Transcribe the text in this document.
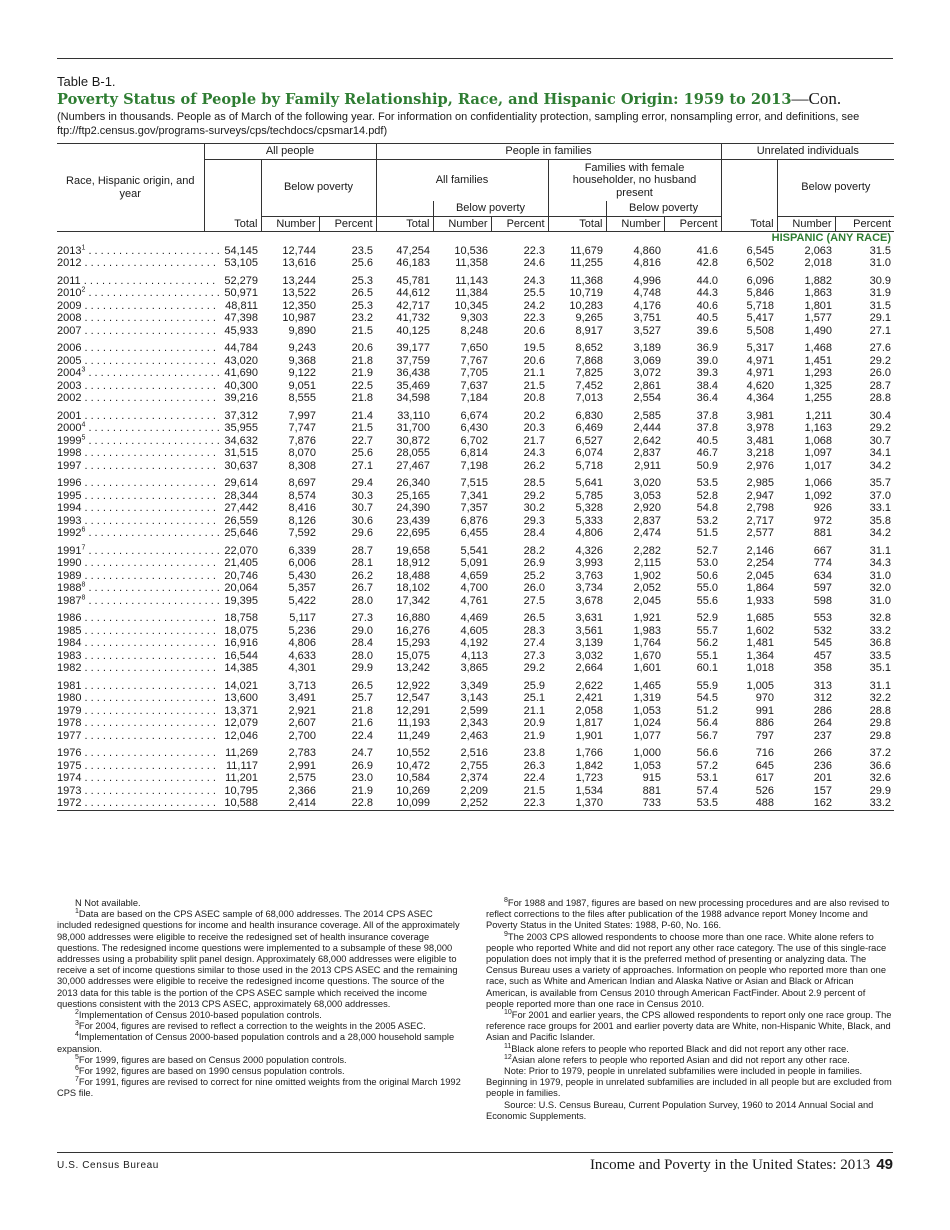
Table B-1.
Poverty Status of People by Family Relationship, Race, and Hispanic Origin: 1959 to 2013—Con.
(Numbers in thousands. People as of March of the following year. For information on confidentiality protection, sampling error, nonsampling error, and definitions, see ftp://ftp2.census.gov/programs-surveys/cps/techdocs/cpsmar14.pdf)
Race, Hispanic origin, and year	All people			People in families						Unrelated individuals		
		Below poverty		All families			Families with female householder, no husband present				Below poverty	
					Below poverty			Below poverty				
	Total	Number	Percent	Total	Number	Percent	Total	Number	Percent	Total	Number	Percent
HISPANIC (ANY RACE)												
2013$^1$ . . . . . . . . . . . . . . . . . . . . . .	54,145	12,744	23.5	47,254	10,536	22.3	11,679	4,860	41.6	6,545	2,063	31.5
2012 . . . . . . . . . . . . . . . . . . . . . .	53,105	13,616	25.6	46,183	11,358	24.6	11,255	4,816	42.8	6,502	2,018	31.0
2011 . . . . . . . . . . . . . . . . . . . . . .	52,279	13,244	25.3	45,781	11,143	24.3	11,368	4,996	44.0	6,096	1,882	30.9
2010$^2$ . . . . . . . . . . . . . . . . . . . . . .	50,971	13,522	26.5	44,612	11,384	25.5	10,719	4,748	44.3	5,846	1,863	31.9
2009 . . . . . . . . . . . . . . . . . . . . . .	48,811	12,350	25.3	42,717	10,345	24.2	10,283	4,176	40.6	5,718	1,801	31.5
2008 . . . . . . . . . . . . . . . . . . . . . .	47,398	10,987	23.2	41,732	9,303	22.3	9,265	3,751	40.5	5,417	1,577	29.1
2007 . . . . . . . . . . . . . . . . . . . . . .	45,933	9,890	21.5	40,125	8,248	20.6	8,917	3,527	39.6	5,508	1,490	27.1
2006 . . . . . . . . . . . . . . . . . . . . . .	44,784	9,243	20.6	39,177	7,650	19.5	8,652	3,189	36.9	5,317	1,468	27.6
2005 . . . . . . . . . . . . . . . . . . . . . .	43,020	9,368	21.8	37,759	7,767	20.6	7,868	3,069	39.0	4,971	1,451	29.2
2004$^3$ . . . . . . . . . . . . . . . . . . . . . .	41,690	9,122	21.9	36,438	7,705	21.1	7,825	3,072	39.3	4,971	1,293	26.0
2003 . . . . . . . . . . . . . . . . . . . . . .	40,300	9,051	22.5	35,469	7,637	21.5	7,452	2,861	38.4	4,620	1,325	28.7
2002 . . . . . . . . . . . . . . . . . . . . . .	39,216	8,555	21.8	34,598	7,184	20.8	7,013	2,554	36.4	4,364	1,255	28.8
2001 . . . . . . . . . . . . . . . . . . . . . .	37,312	7,997	21.4	33,110	6,674	20.2	6,830	2,585	37.8	3,981	1,211	30.4
2000$^4$ . . . . . . . . . . . . . . . . . . . . . .	35,955	7,747	21.5	31,700	6,430	20.3	6,469	2,444	37.8	3,978	1,163	29.2
1999$^5$ . . . . . . . . . . . . . . . . . . . . . .	34,632	7,876	22.7	30,872	6,702	21.7	6,527	2,642	40.5	3,481	1,068	30.7
1998 . . . . . . . . . . . . . . . . . . . . . .	31,515	8,070	25.6	28,055	6,814	24.3	6,074	2,837	46.7	3,218	1,097	34.1
1997 . . . . . . . . . . . . . . . . . . . . . .	30,637	8,308	27.1	27,467	7,198	26.2	5,718	2,911	50.9	2,976	1,017	34.2
1996 . . . . . . . . . . . . . . . . . . . . . .	29,614	8,697	29.4	26,340	7,515	28.5	5,641	3,020	53.5	2,985	1,066	35.7
1995 . . . . . . . . . . . . . . . . . . . . . .	28,344	8,574	30.3	25,165	7,341	29.2	5,785	3,053	52.8	2,947	1,092	37.0
1994 . . . . . . . . . . . . . . . . . . . . . .	27,442	8,416	30.7	24,390	7,357	30.2	5,328	2,920	54.8	2,798	926	33.1
1993 . . . . . . . . . . . . . . . . . . . . . .	26,559	8,126	30.6	23,439	6,876	29.3	5,333	2,837	53.2	2,717	972	35.8
1992$^6$ . . . . . . . . . . . . . . . . . . . . . .	25,646	7,592	29.6	22,695	6,455	28.4	4,806	2,474	51.5	2,577	881	34.2
1991$^7$ . . . . . . . . . . . . . . . . . . . . . .	22,070	6,339	28.7	19,658	5,541	28.2	4,326	2,282	52.7	2,146	667	31.1
1990 . . . . . . . . . . . . . . . . . . . . . .	21,405	6,006	28.1	18,912	5,091	26.9	3,993	2,115	53.0	2,254	774	34.3
1989 . . . . . . . . . . . . . . . . . . . . . .	20,746	5,430	26.2	18,488	4,659	25.2	3,763	1,902	50.6	2,045	634	31.0
1988$^8$ . . . . . . . . . . . . . . . . . . . . . .	20,064	5,357	26.7	18,102	4,700	26.0	3,734	2,052	55.0	1,864	597	32.0
1987$^8$ . . . . . . . . . . . . . . . . . . . . . .	19,395	5,422	28.0	17,342	4,761	27.5	3,678	2,045	55.6	1,933	598	31.0
1986 . . . . . . . . . . . . . . . . . . . . . .	18,758	5,117	27.3	16,880	4,469	26.5	3,631	1,921	52.9	1,685	553	32.8
1985 . . . . . . . . . . . . . . . . . . . . . .	18,075	5,236	29.0	16,276	4,605	28.3	3,561	1,983	55.7	1,602	532	33.2
1984 . . . . . . . . . . . . . . . . . . . . . .	16,916	4,806	28.4	15,293	4,192	27.4	3,139	1,764	56.2	1,481	545	36.8
1983 . . . . . . . . . . . . . . . . . . . . . .	16,544	4,633	28.0	15,075	4,113	27.3	3,032	1,670	55.1	1,364	457	33.5
1982 . . . . . . . . . . . . . . . . . . . . . .	14,385	4,301	29.9	13,242	3,865	29.2	2,664	1,601	60.1	1,018	358	35.1
1981 . . . . . . . . . . . . . . . . . . . . . .	14,021	3,713	26.5	12,922	3,349	25.9	2,622	1,465	55.9	1,005	313	31.1
1980 . . . . . . . . . . . . . . . . . . . . . .	13,600	3,491	25.7	12,547	3,143	25.1	2,421	1,319	54.5	970	312	32.2
1979 . . . . . . . . . . . . . . . . . . . . . .	13,371	2,921	21.8	12,291	2,599	21.1	2,058	1,053	51.2	991	286	28.8
1978 . . . . . . . . . . . . . . . . . . . . . .	12,079	2,607	21.6	11,193	2,343	20.9	1,817	1,024	56.4	886	264	29.8
1977 . . . . . . . . . . . . . . . . . . . . . .	12,046	2,700	22.4	11,249	2,463	21.9	1,901	1,077	56.7	797	237	29.8
1976 . . . . . . . . . . . . . . . . . . . . . .	11,269	2,783	24.7	10,552	2,516	23.8	1,766	1,000	56.6	716	266	37.2
1975 . . . . . . . . . . . . . . . . . . . . . .	11,117	2,991	26.9	10,472	2,755	26.3	1,842	1,053	57.2	645	236	36.6
1974 . . . . . . . . . . . . . . . . . . . . . .	11,201	2,575	23.0	10,584	2,374	22.4	1,723	915	53.1	617	201	32.6
1973 . . . . . . . . . . . . . . . . . . . . . .	10,795	2,366	21.9	10,269	2,209	21.5	1,534	881	57.4	526	157	29.9
1972 . . . . . . . . . . . . . . . . . . . . . .	10,588	2,414	22.8	10,099	2,252	22.3	1,370	733	53.5	488	162	33.2

N Not available.

$^1$Data are based on the CPS ASEC sample of 68,000 addresses. The 2014 CPS ASEC included redesigned questions for income and health insurance coverage. All of the approximately 98,000 addresses were eligible to receive the redesigned set of health insurance coverage questions. The redesigned income questions were implemented to a subsample of these 98,000 addresses using a probability split panel design. Approximately 68,000 addresses were eligible to receive a set of income questions similar to those used in the 2013 CPS ASEC and the remaining 30,000 addresses were eligible to receive the redesigned income questions. The source of the 2013 data for this table is the portion of the CPS ASEC sample which received the income questions consistent with the 2013 CPS ASEC, approximately 68,000 addresses.

$^2$Implementation of Census 2010-based population controls.

$^3$For 2004, figures are revised to reflect a correction to the weights in the 2005 ASEC.

$^4$Implementation of Census 2000-based population controls and a 28,000 household sample expansion.

$^5$For 1999, figures are based on Census 2000 population controls.

$^6$For 1992, figures are based on 1990 census population controls.

$^7$For 1991, figures are revised to correct for nine omitted weights from the original March 1992 CPS file.

$^8$For 1988 and 1987, figures are based on new processing procedures and are also revised to reflect corrections to the files after publication of the 1988 advance report Money Income and Poverty Status in the United States: 1988, P-60, No. 166.

$^9$The 2003 CPS allowed respondents to choose more than one race. White alone refers to people who reported White and did not report any other race category. The use of this single-race population does not imply that it is the preferred method of presenting or analyzing data. The Census Bureau uses a variety of approaches. Information on people who reported more than one race, such as White and American Indian and Alaska Native or Asian and Black or African American, is available from Census 2010 through American FactFinder. About 2.9 percent of people reported more than one race in Census 2010.

$^{10}$For 2001 and earlier years, the CPS allowed respondents to report only one race group. The reference race groups for 2001 and earlier poverty data are White, non-Hispanic White, Black, and Asian and Pacific Islander.

$^{11}$Black alone refers to people who reported Black and did not report any other race.

$^{12}$Asian alone refers to people who reported Asian and did not report any other race.

Note: Prior to 1979, people in unrelated subfamilies were included in people in families. Beginning in 1979, people in unrelated subfamilies are included in all people but are excluded from people in families.

Source: U.S. Census Bureau, Current Population Survey, 1960 to 2014 Annual Social and Economic Supplements.

U.S. Census Bureau	Income and Poverty in the United States: 2013 49
